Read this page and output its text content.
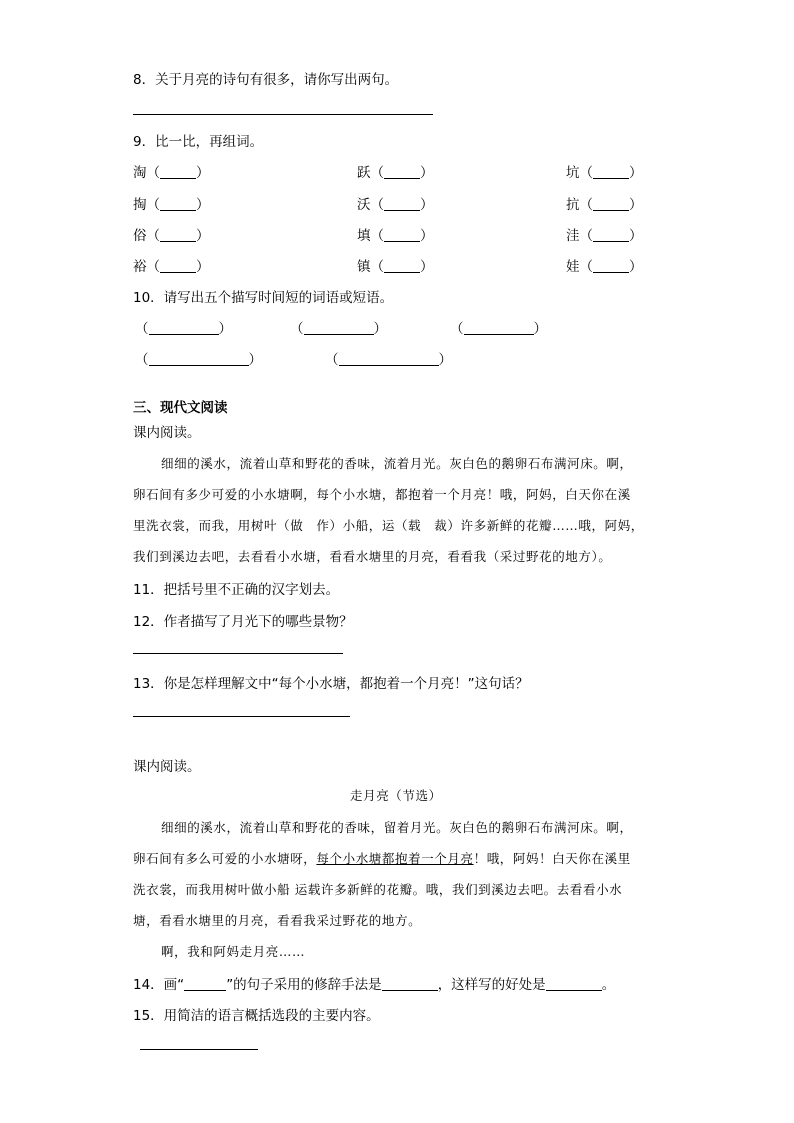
8．关于月亮的诗句有很多，请你写出两句。
9．比一比，再组词。
淘（	）	跃（	）	坑（	）
掏（	）	沃（	）	抗（	）
俗（	）	填（	）	洼（	）
裕（	）	镇（	）	娃（	）
10．请写出五个描写时间短的词语或短语。
（	）	（	）	（	）
（	）	（	）
三、现代文阅读
课内阅读。
细细的溪水，流着山草和野花的香味，流着月光。灰白色的鹅卵石布满河床。啊，
卵石间有多少可爱的小水塘啊，每个小水塘，都抱着一个月亮！哦，阿妈，白天你在溪
里洗衣裳，而我，用树叶（做　作）小船，运（载　裁）许多新鲜的花瓣……哦，阿妈，
我们到溪边去吧，去看看小水塘，看看水塘里的月亮，看看我（采过野花的地方）。
11．把括号里不正确的汉字划去。
12．作者描写了月光下的哪些景物？
13．你是怎样理解文中“每个小水塘，都抱着一个月亮！”这句话？
课内阅读。
走月亮（节选）
细细的溪水，流着山草和野花的香味，留着月光。灰白色的鹅卵石布满河床。啊，
卵石间有多么可爱的小水塘呀，每个小水塘都抱着一个月亮！哦，阿妈！白天你在溪里
洗衣裳，而我用树叶做小船 运载许多新鲜的花瓣。哦，我们到溪边去吧。去看看小水
塘，看看水塘里的月亮，看看我采过野花的地方。
啊，我和阿妈走月亮……
14．画“	”的句子采用的修辞手法是	，这样写的好处是	。
15．用简洁的语言概括选段的主要内容。
